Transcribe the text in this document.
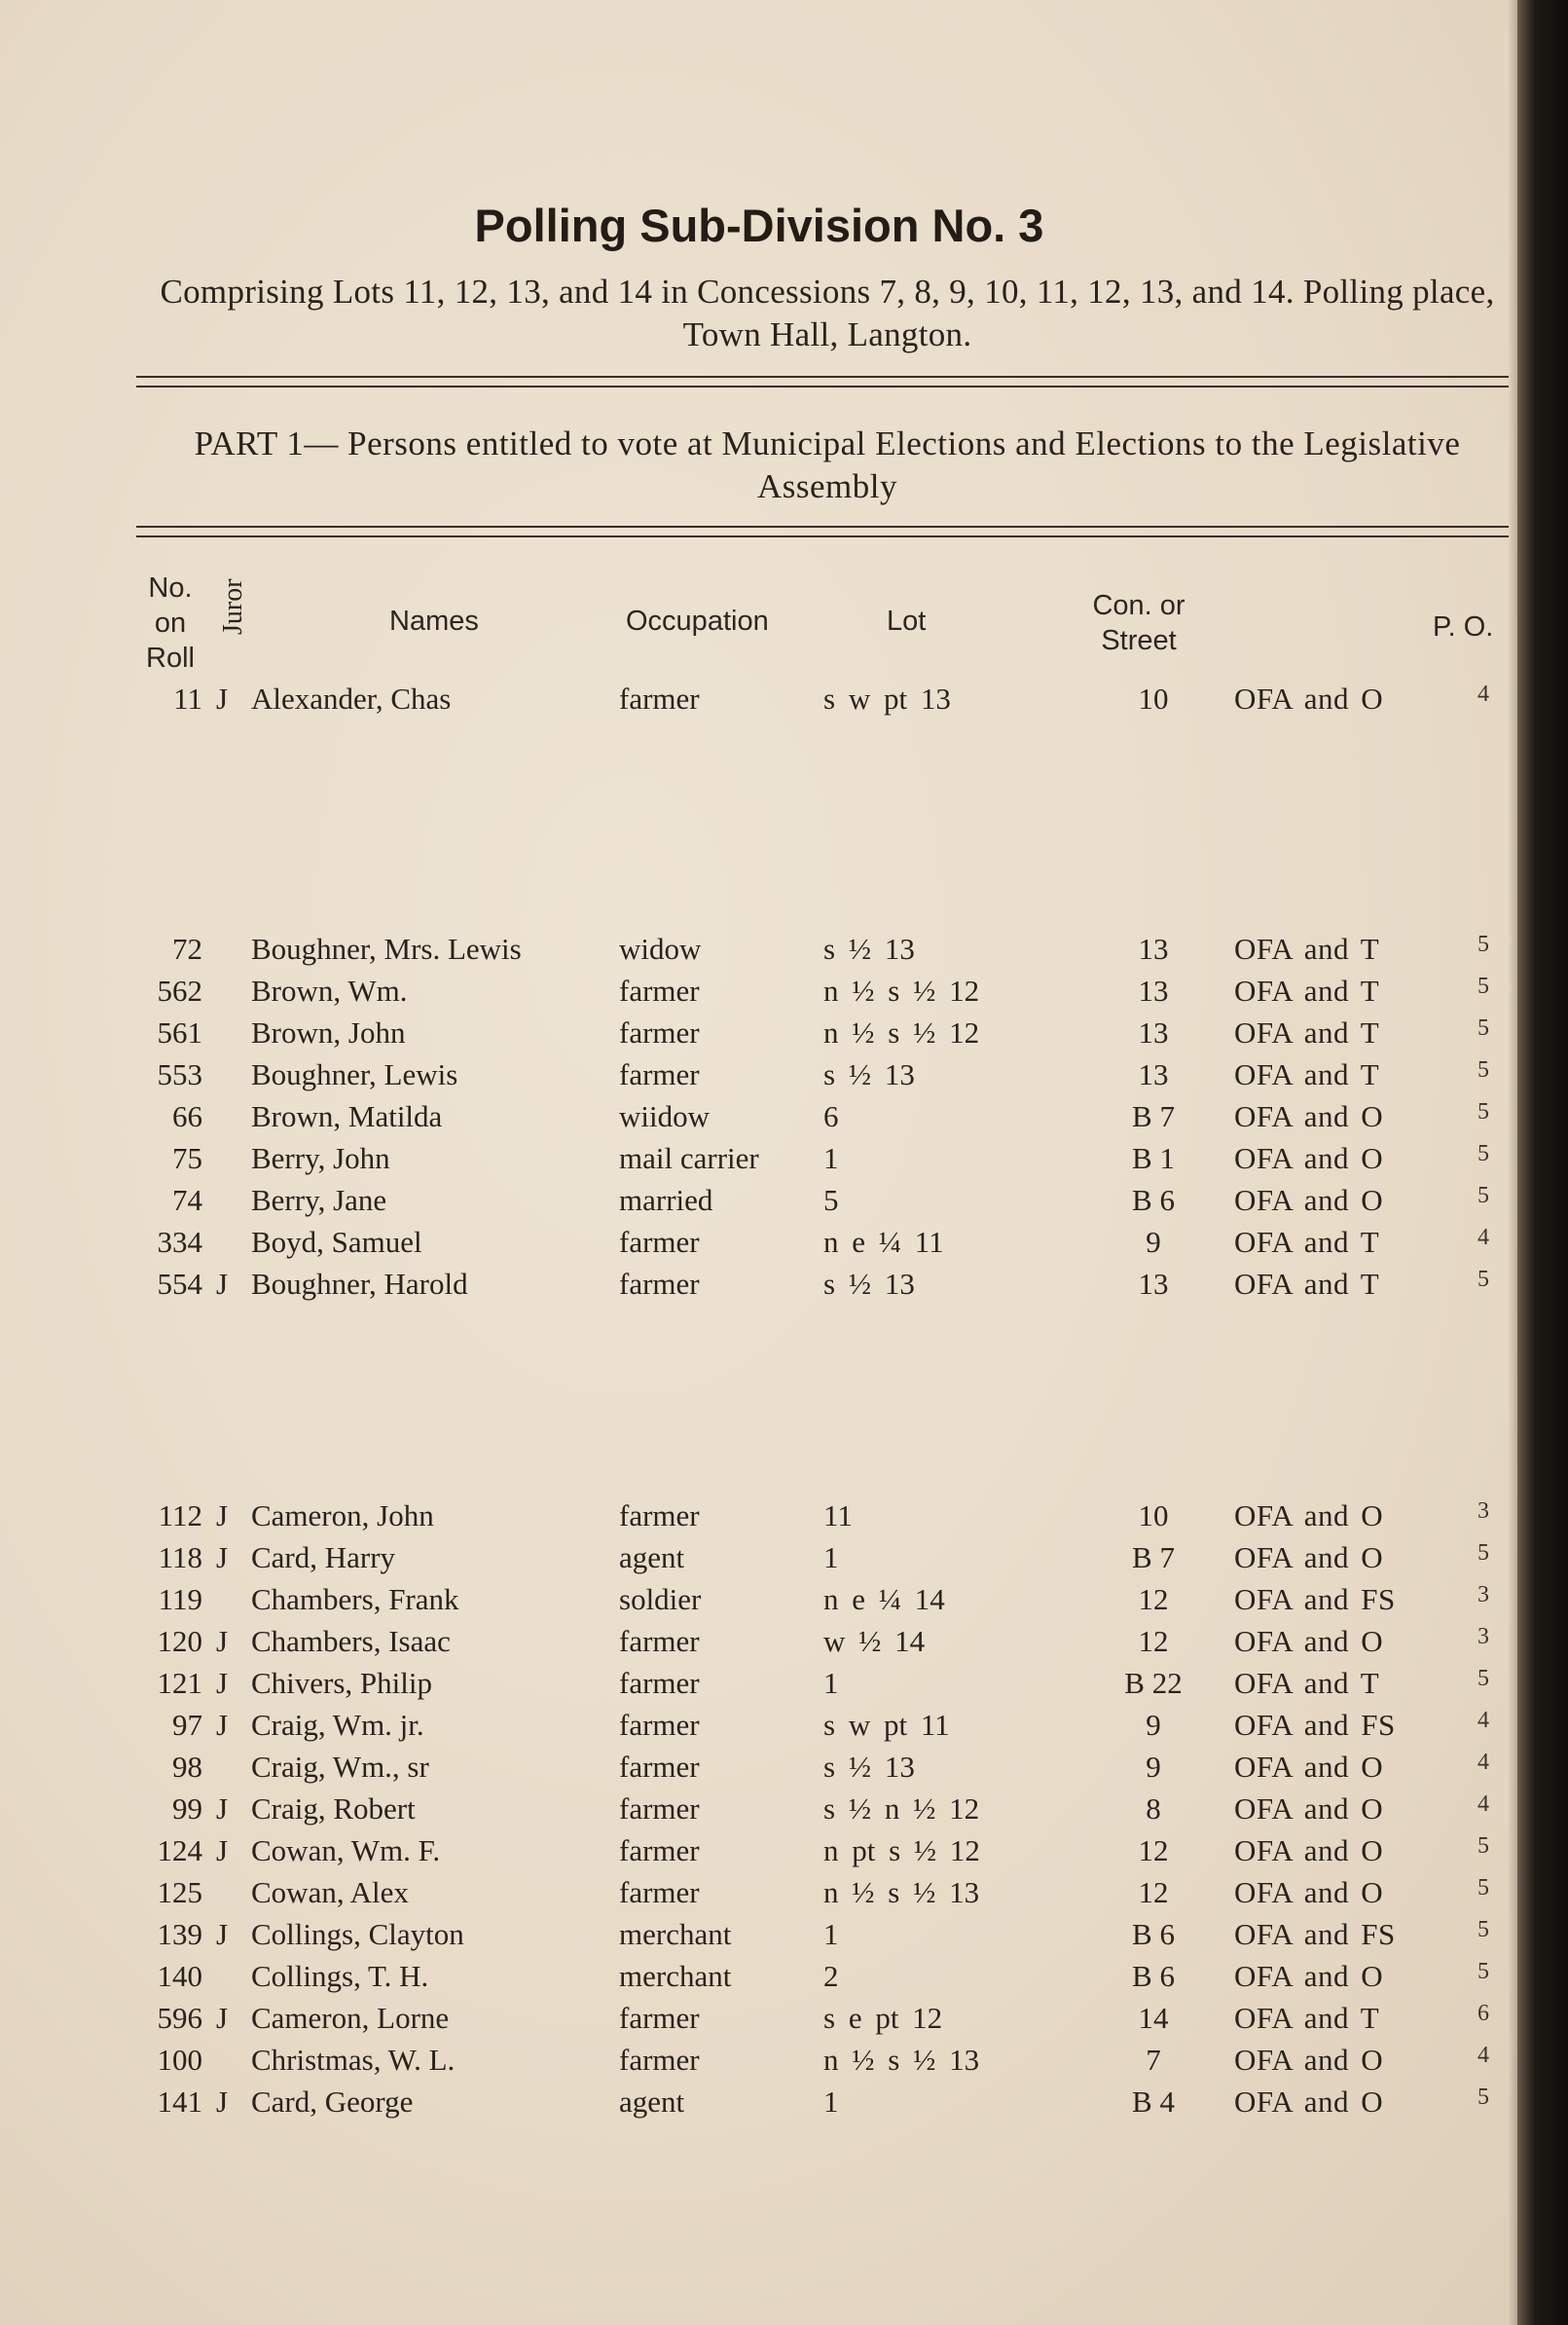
Polling Sub-Division No. 3
Comprising Lots 11, 12, 13, and 14 in Concessions 7, 8, 9, 10, 11, 12, 13, and 14. Polling place, Town Hall, Langton.
PART 1— Persons entitled to vote at Municipal Elections and Elections to the Legislative Assembly
No.
on
Roll
Juror	Names	Occupation	Lot	Con. or
Street	P. O.
11 J Alexander, Chas	farmer	s w pt 13	10	OFA and O	4
72 Boughner, Mrs. Lewis	widow	s ½ 13	13	OFA and T	5
562 Brown, Wm.	farmer	n ½ s ½ 12	13	OFA and T	5
561 Brown, John	farmer	n ½ s ½ 12	13	OFA and T	5
553 Boughner, Lewis	farmer	s ½ 13	13	OFA and T	5
66 Brown, Matilda	wiidow	6	B 7	OFA and O	5
75 Berry, John	mail carrier 1	B 1	OFA and O	5
74 Berry, Jane	married	5	B 6	OFA and O	5
334 Boyd, Samuel	farmer	n e ¼ 11	9	OFA and T	4
554 J Boughner, Harold	farmer	s ½ 13	13	OFA and T	5
112 J Cameron, John	farmer	11	10	OFA and O	3
118 J Card, Harry	agent	1	B 7	OFA and O	5
119 Chambers, Frank	soldier	n e ¼ 14	12	OFA and FS	3
120 J Chambers, Isaac	farmer	w ½ 14	12	OFA and O	3
121 J Chivers, Philip	farmer	1	B 22	OFA and T	5
97 J Craig, Wm. jr.	farmer	s w pt 11	9	OFA and FS	4
98 Craig, Wm., sr	farmer	s ½ 13	9	OFA and O	4
99 J Craig, Robert	farmer	s ½ n ½ 12	8	OFA and O	4
124 J Cowan, Wm. F.	farmer	n pt s ½ 12	12	OFA and O	5
125 Cowan, Alex	farmer	n ½ s ½ 13	12	OFA and O	5
139 J Collings, Clayton	merchant	1	B 6	OFA and FS	5
140 Collings, T. H.	merchant	2	B 6	OFA and O	5
596 J Cameron, Lorne	farmer	s e pt 12	14	OFA and T	6
100 Christmas, W. L.	farmer	n ½ s ½ 13	7	OFA and O	4
141 J Card, George	agent	1	B 4	OFA and O	5
